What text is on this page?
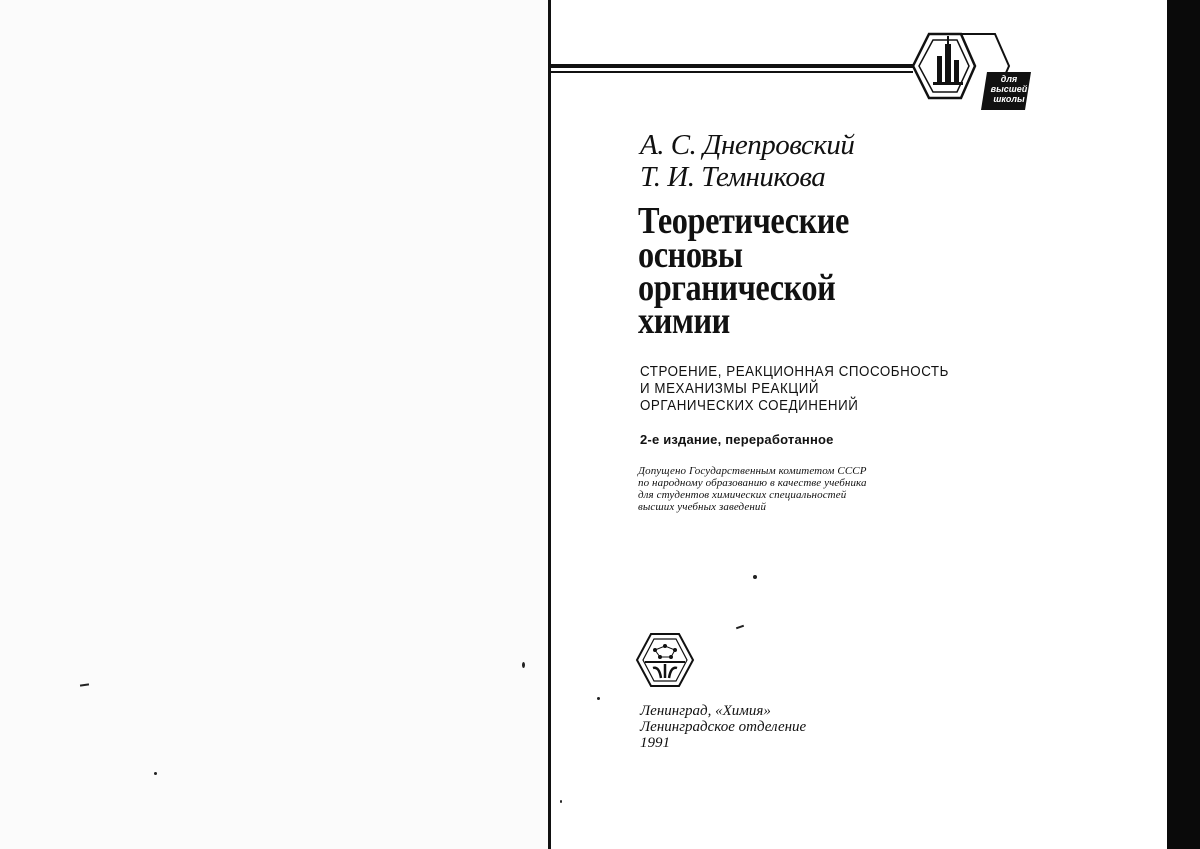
для
высшей
школы
А. С. Днепровский
Т. И. Темникова
Теоретические
основы
органической
химии
СТРОЕНИЕ, РЕАКЦИОННАЯ СПОСОБНОСТЬ
И МЕХАНИЗМЫ РЕАКЦИЙ
ОРГАНИЧЕСКИХ СОЕДИНЕНИЙ
2-е издание, переработанное
Допущено Государственным комитетом СССР
по народному образованию в качестве учебника
для студентов химических специальностей
высших учебных заведений
Ленинград, «Химия»
Ленинградское отделение
1991
